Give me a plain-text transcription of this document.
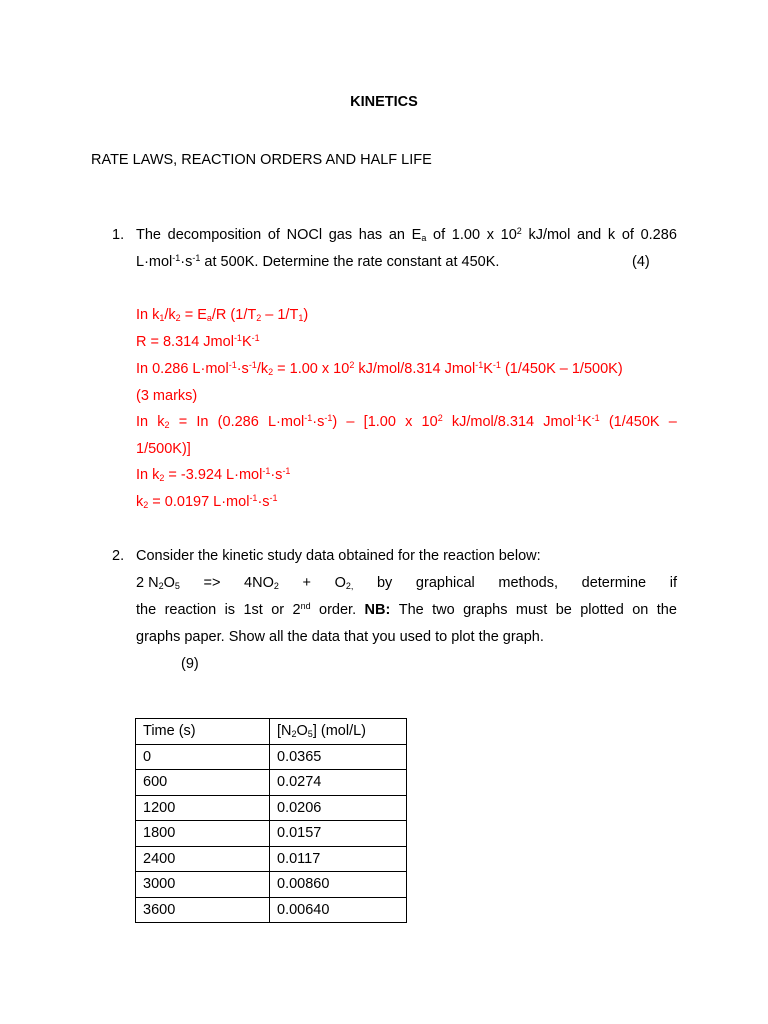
KINETICS
RATE LAWS, REACTION ORDERS AND HALF LIFE
1. The decomposition of NOCl gas has an $E_a$ of 1.00 x $10^2$ kJ/mol and k of 0.286
$L\cdot mol^{-1}\cdot s^{-1}$ at 500K. Determine the rate constant at 450K.	(4)
In $k_1/k_2 = E_a/R$ $(1/T_2 - 1/T_1)$
R = 8.314 $Jmol^{-1}K^{-1}$
In 0.286 $L\cdot mol^{-1}\cdot s^{-1}/k_2 = 1.00$ x $10^2$ kJ/mol/8.314 $Jmol^{-1}K^{-1}$ (1/450K – 1/500K)
(3 marks)
In $k_2 = In$ (0.286 $L\cdot mol^{-1}\cdot s^{-1}) - [1.00$ x $10^2$ kJ/mol/8.314 $Jmol^{-1}K^{-1}$ (1/450K –
1/500K)]
In $k_2 = -3.924$ $L\cdot mol^{-1}\cdot s^{-1}$
$k_2 = 0.0197$ $L\cdot mol^{-1}\cdot s^{-1}$
2. Consider the kinetic study data obtained for the reaction below:
2 $N_2O_5 => 4NO_2 + O_{2,}$ by graphical methods, determine if
the reaction is 1st or 2nd order. NB: The two graphs must be plotted on the
graphs paper. Show all the data that you used to plot the graph.
(9)
Time (s)	$[N_2O_5]$ (mol/L)
0	0.0365
600	0.0274
1200	0.0206
1800	0.0157
2400	0.0117
3000	0.00860
3600	0.00640
